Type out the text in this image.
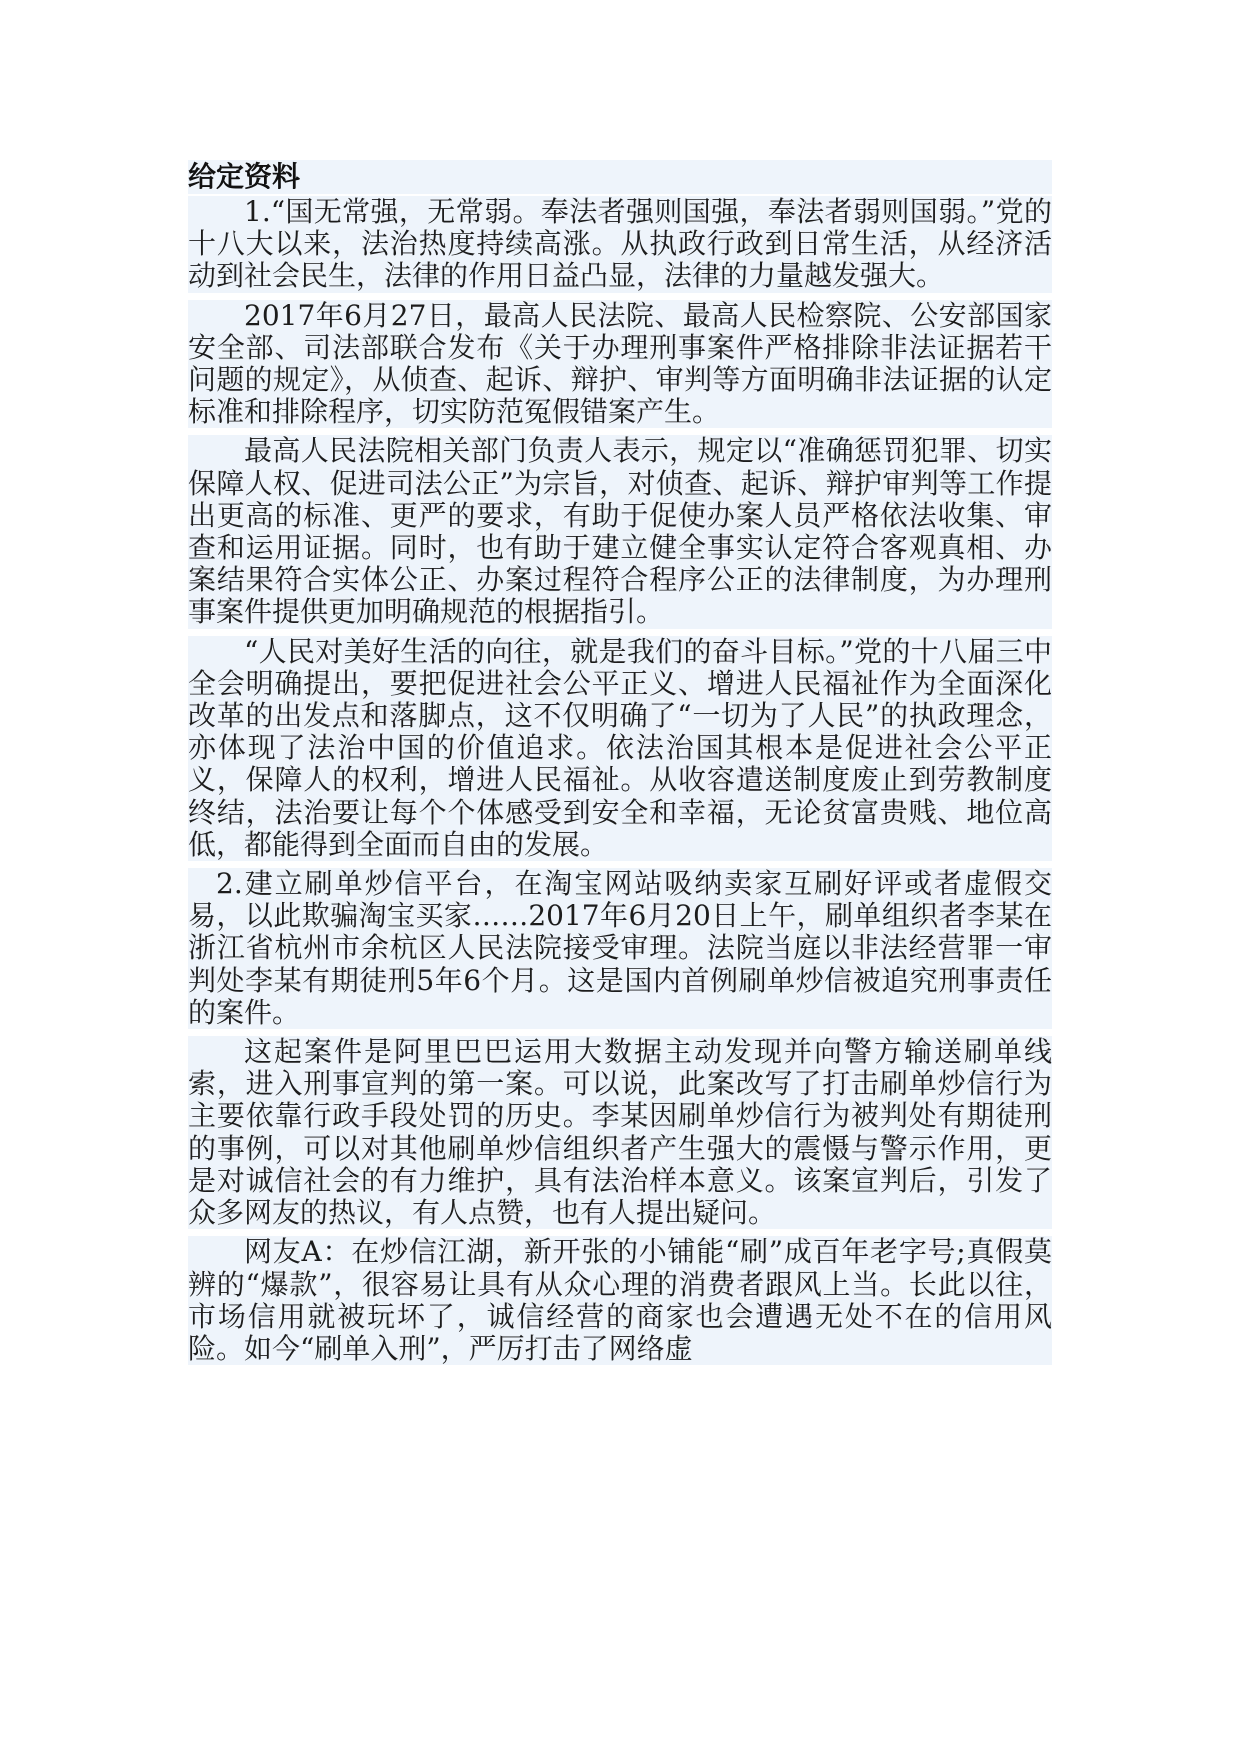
给定资料

1.“国无常强，无常弱。奉法者强则国强，奉法者弱则国弱。”党的十八大以来，法治热度持续高涨。从执政行政到日常生活，从经济活动到社会民生，法律的作用日益凸显，法律的力量越发强大。

2017年6月27日，最高人民法院、最高人民检察院、公安部国家安全部、司法部联合发布《关于办理刑事案件严格排除非法证据若干问题的规定》，从侦查、起诉、辩护、审判等方面明确非法证据的认定标准和排除程序，切实防范冤假错案产生。

最高人民法院相关部门负责人表示，规定以“准确惩罚犯罪、切实保障人权、促进司法公正”为宗旨，对侦查、起诉、辩护审判等工作提出更高的标准、更严的要求，有助于促使办案人员严格依法收集、审查和运用证据。同时，也有助于建立健全事实认定符合客观真相、办案结果符合实体公正、办案过程符合程序公正的法律制度，为办理刑事案件提供更加明确规范的根据指引。

“人民对美好生活的向往，就是我们的奋斗目标。”党的十八届三中全会明确提出，要把促进社会公平正义、增进人民福祉作为全面深化改革的出发点和落脚点，这不仅明确了“一切为了人民”的执政理念，亦体现了法治中国的价值追求。依法治国其根本是促进社会公平正义，保障人的权利，增进人民福祉。从收容遣送制度废止到劳教制度终结，法治要让每个个体感受到安全和幸福，无论贫富贵贱、地位高低，都能得到全面而自由的发展。

2.建立刷单炒信平台，在淘宝网站吸纳卖家互刷好评或者虚假交易，以此欺骗淘宝买家……2017年6月20日上午，刷单组织者李某在浙江省杭州市余杭区人民法院接受审理。法院当庭以非法经营罪一审判处李某有期徒刑5年6个月。这是国内首例刷单炒信被追究刑事责任的案件。

这起案件是阿里巴巴运用大数据主动发现并向警方输送刷单线索，进入刑事宣判的第一案。可以说，此案改写了打击刷单炒信行为主要依靠行政手段处罚的历史。李某因刷单炒信行为被判处有期徒刑的事例，可以对其他刷单炒信组织者产生强大的震慑与警示作用，更是对诚信社会的有力维护，具有法治样本意义。该案宣判后，引发了众多网友的热议，有人点赞，也有人提出疑问。

网友A：在炒信江湖，新开张的小铺能“刷”成百年老字号;真假莫辨的“爆款”，很容易让具有从众心理的消费者跟风上当。长此以往，市场信用就被玩坏了，诚信经营的商家也会遭遇无处不在的信用风险。如今“刷单入刑”，严厉打击了网络虚
